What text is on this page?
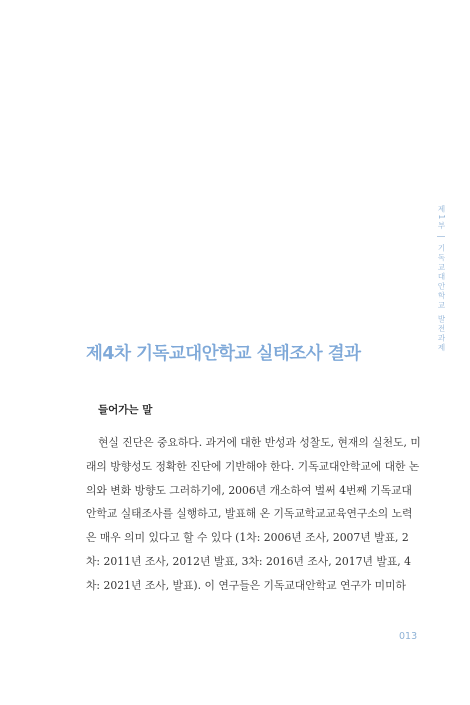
제1부 | 기독교대안학교 발전과제
제4차 기독교대안학교 실태조사 결과
들어가는 말
현실 진단은 중요하다. 과거에 대한 반성과 성찰도, 현재의 실천도, 미
래의 방향성도 정확한 진단에 기반해야 한다. 기독교대안학교에 대한 논
의와 변화 방향도 그러하기에, 2006년 개소하여 벌써 4번째 기독교대
안학교 실태조사를 실행하고, 발표해 온 기독교학교교육연구소의 노력
은 매우 의미 있다고 할 수 있다 (1차: 2006년 조사, 2007년 발표, 2
차: 2011년 조사, 2012년 발표, 3차: 2016년 조사, 2017년 발표, 4
차: 2021년 조사, 발표). 이 연구들은 기독교대안학교 연구가 미미하
013
